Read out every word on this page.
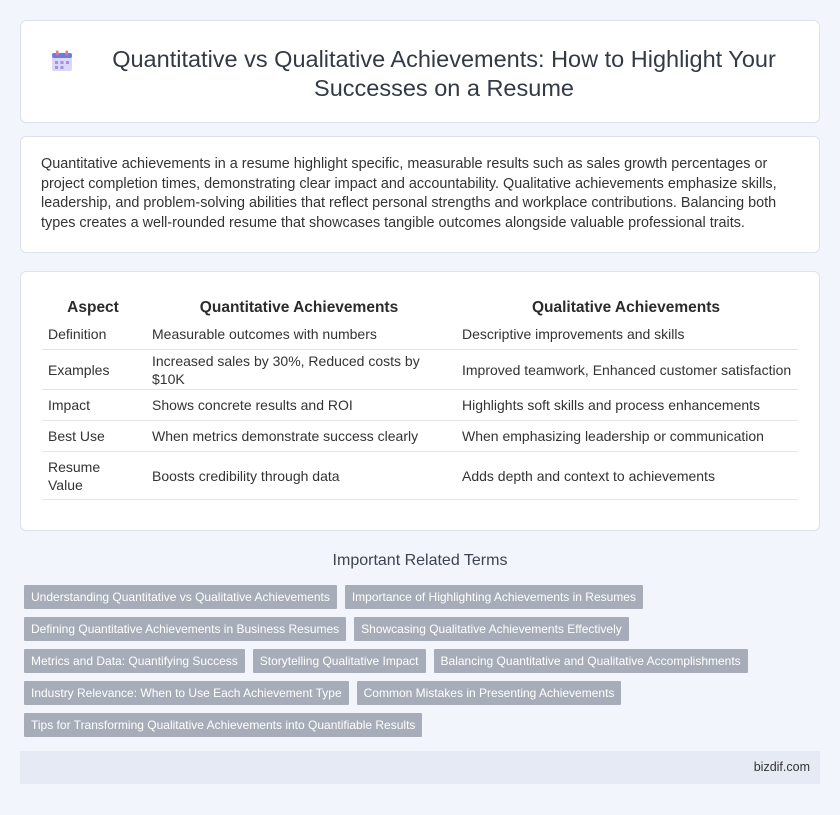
Quantitative vs Qualitative Achievements: How to Highlight Your Successes on a Resume

Quantitative achievements in a resume highlight specific, measurable results such as sales growth percentages or project completion times, demonstrating clear impact and accountability. Qualitative achievements emphasize skills, leadership, and problem-solving abilities that reflect personal strengths and workplace contributions. Balancing both types creates a well-rounded resume that showcases tangible outcomes alongside valuable professional traits.

Aspect	Quantitative Achievements	Qualitative Achievements
Definition	Measurable outcomes with numbers	Descriptive improvements and skills
Examples	Increased sales by 30%, Reduced costs by $10K	Improved teamwork, Enhanced customer satisfaction
Impact	Shows concrete results and ROI	Highlights soft skills and process enhancements
Best Use	When metrics demonstrate success clearly	When emphasizing leadership or communication
Resume Value	Boosts credibility through data	Adds depth and context to achievements
Important Related Terms
Understanding Quantitative vs Qualitative Achievements	Importance of Highlighting Achievements in Resumes
Defining Quantitative Achievements in Business Resumes	Showcasing Qualitative Achievements Effectively
Metrics and Data: Quantifying Success	Storytelling Qualitative Impact	Balancing Quantitative and Qualitative Accomplishments
Industry Relevance: When to Use Each Achievement Type	Common Mistakes in Presenting Achievements
Tips for Transforming Qualitative Achievements into Quantifiable Results
bizdif.com
